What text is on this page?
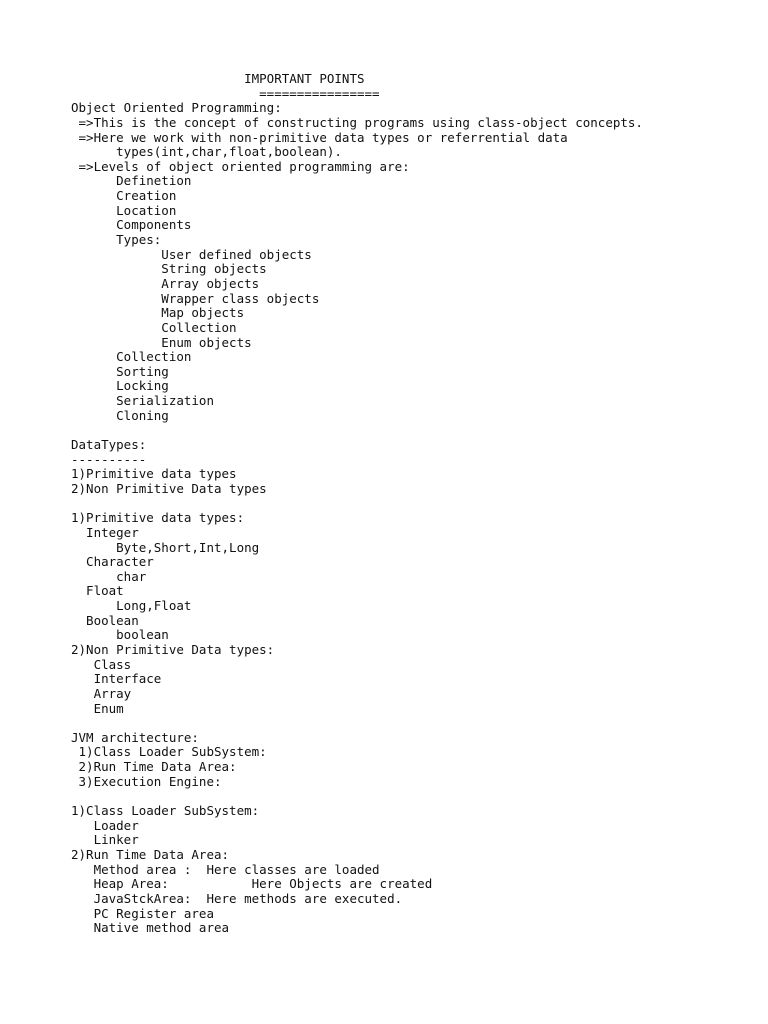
IMPORTANT POINTS
================
Object Oriented Programming:
=>This is the concept of constructing programs using class-object concepts.
=>Here we work with non-primitive data types or referrential data
types(int,char,float,boolean).
=>Levels of object oriented programming are:
Definetion
Creation
Location
Components
Types:
User defined objects
String objects
Array objects
Wrapper class objects
Map objects
Collection
Enum objects
Collection
Sorting
Locking
Serialization
Cloning
DataTypes:
----------
1)Primitive data types
2)Non Primitive Data types
1)Primitive data types:
Integer
Byte,Short,Int,Long
Character
char
Float
Long,Float
Boolean
boolean
2)Non Primitive Data types:
Class
Interface
Array
Enum
JVM architecture:
1)Class Loader SubSystem:
2)Run Time Data Area:
3)Execution Engine:
1)Class Loader SubSystem:
Loader
Linker
2)Run Time Data Area:
Method area :  Here classes are loaded
Heap Area:           Here Objects are created
JavaStckArea:  Here methods are executed.
PC Register area
Native method area
